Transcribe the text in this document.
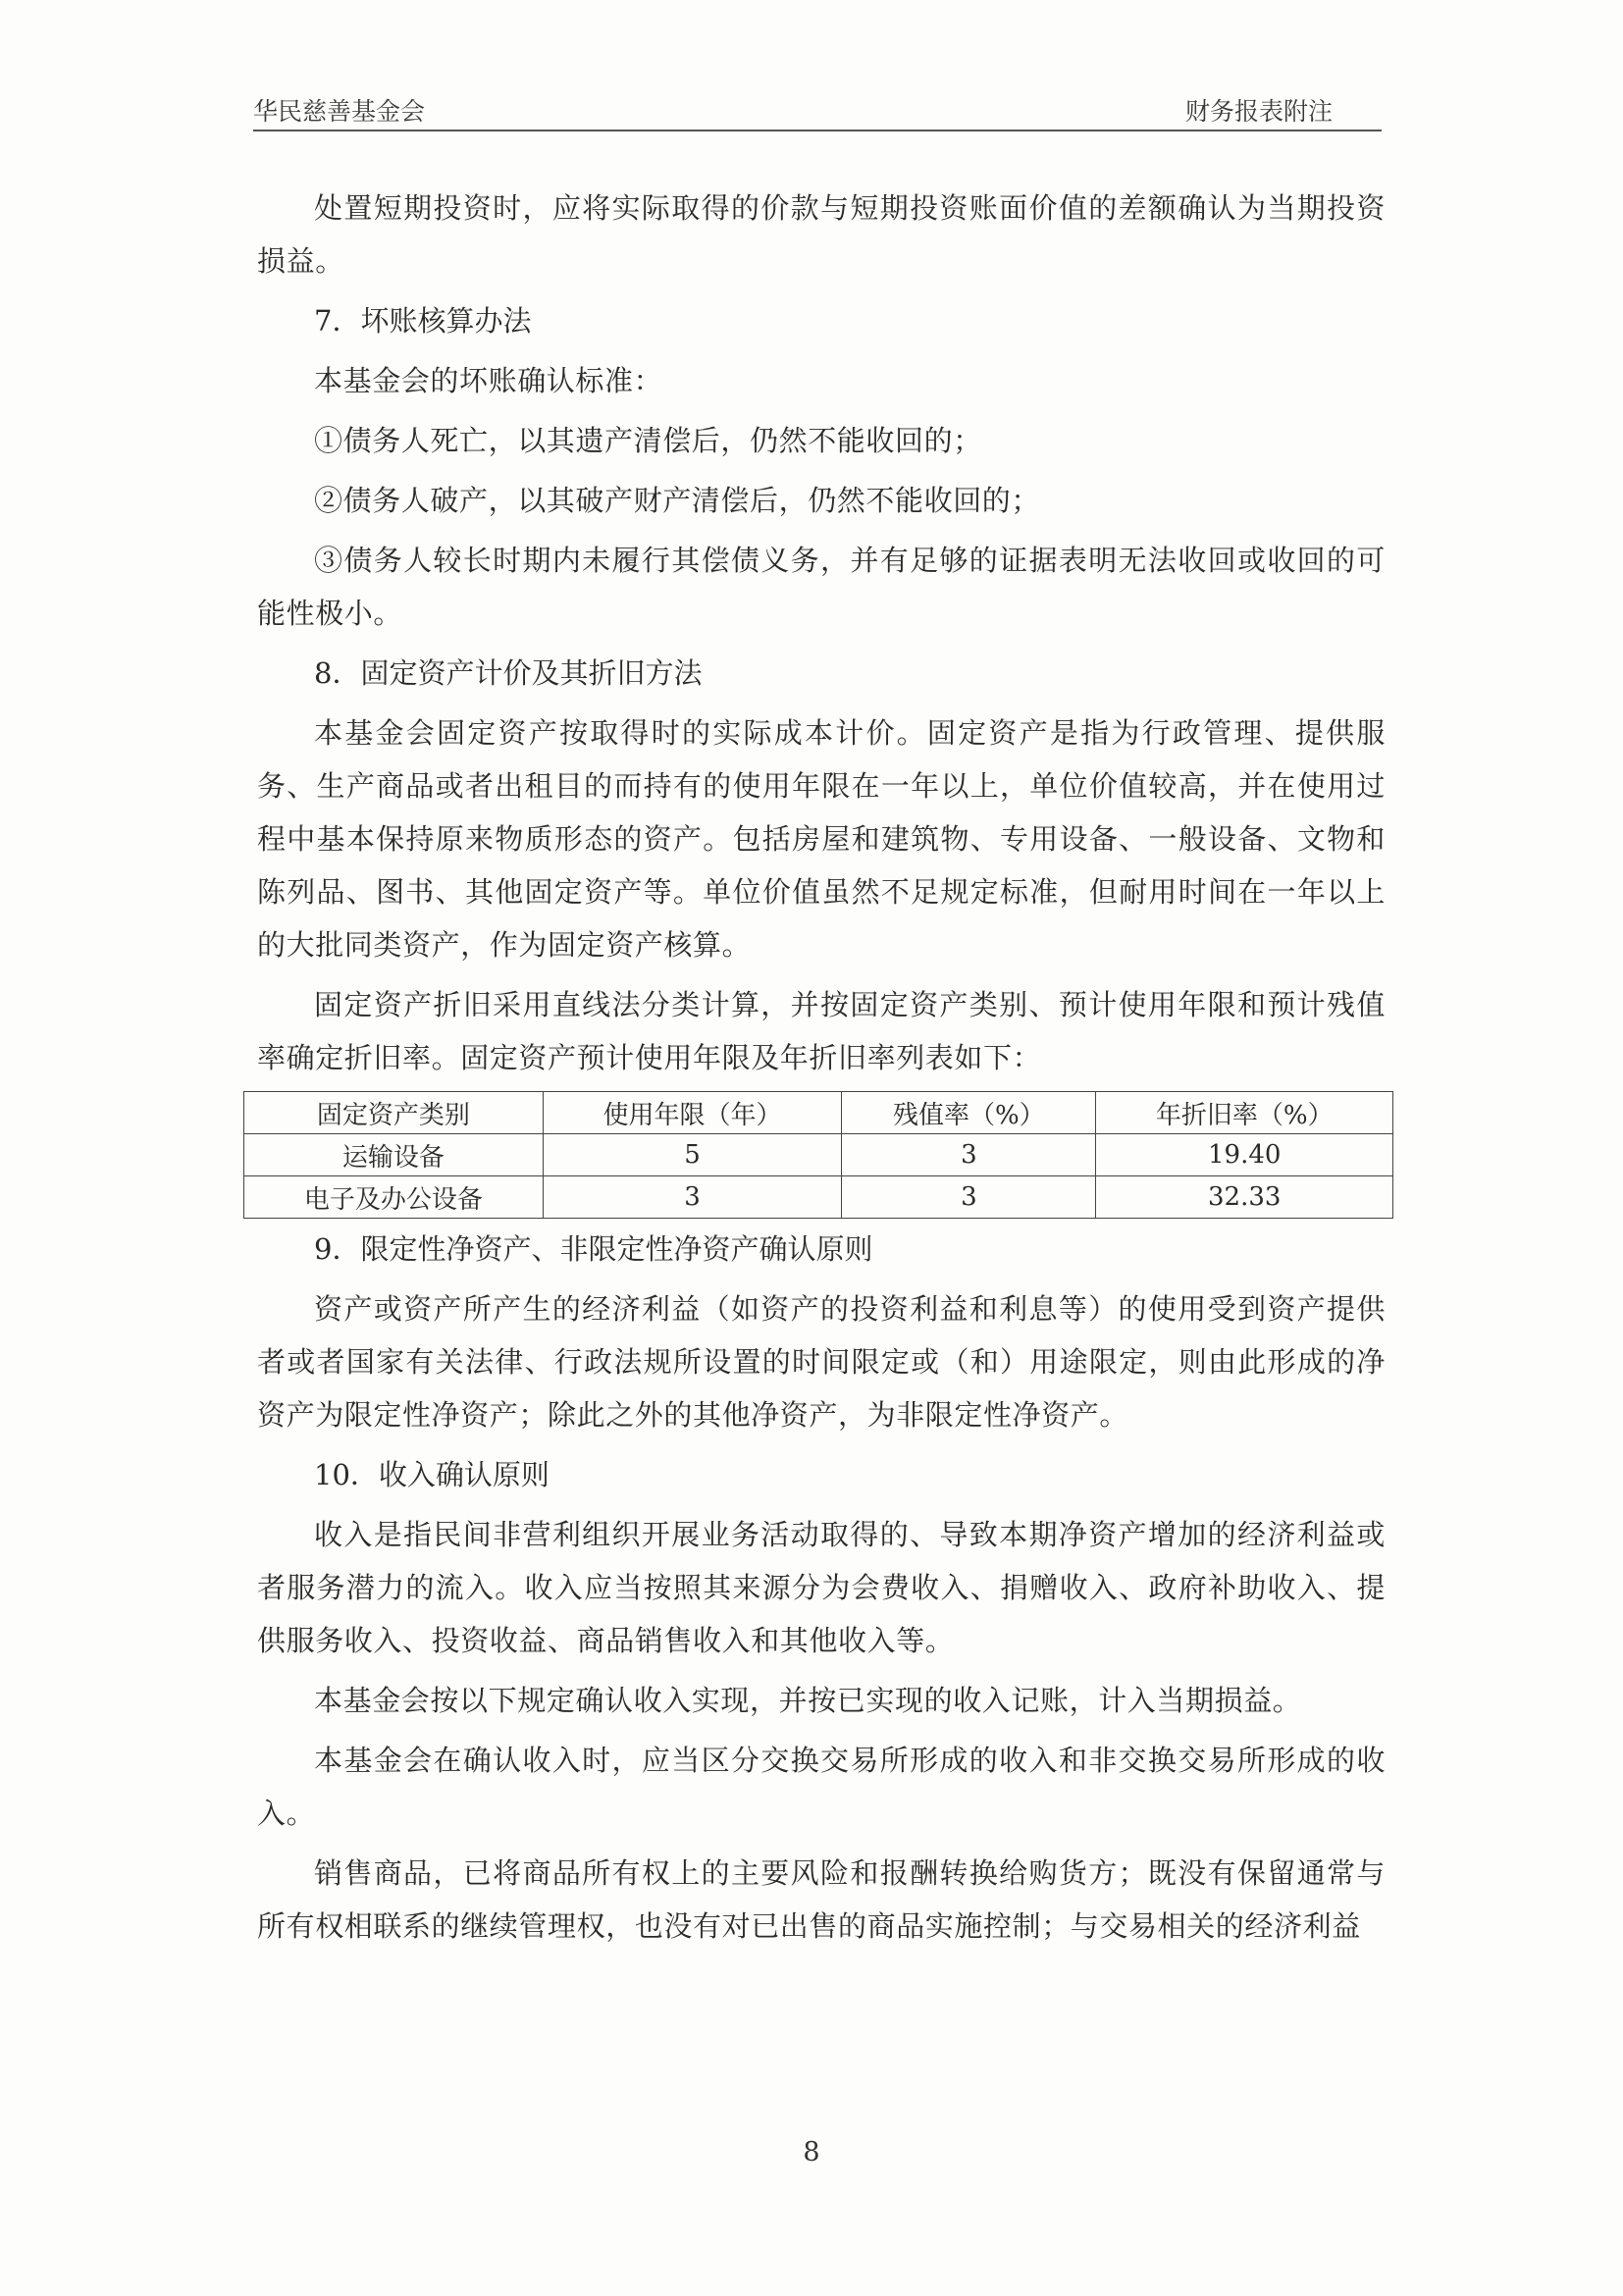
华民慈善基金会	财务报表附注

处置短期投资时，应将实际取得的价款与短期投资账面价值的差额确认为当期投资损益。

7．坏账核算办法

本基金会的坏账确认标准：

①债务人死亡，以其遗产清偿后，仍然不能收回的；

②债务人破产，以其破产财产清偿后，仍然不能收回的；

③债务人较长时期内未履行其偿债义务，并有足够的证据表明无法收回或收回的可能性极小。

8．固定资产计价及其折旧方法

本基金会固定资产按取得时的实际成本计价。固定资产是指为行政管理、提供服务、生产商品或者出租目的而持有的使用年限在一年以上，单位价值较高，并在使用过程中基本保持原来物质形态的资产。包括房屋和建筑物、专用设备、一般设备、文物和陈列品、图书、其他固定资产等。单位价值虽然不足规定标准，但耐用时间在一年以上的大批同类资产，作为固定资产核算。

固定资产折旧采用直线法分类计算，并按固定资产类别、预计使用年限和预计残值率确定折旧率。固定资产预计使用年限及年折旧率列表如下：

固定资产类别	使用年限（年）	残值率（%）	年折旧率（%）
运输设备	5	3	19.40
电子及办公设备	3	3	32.33

9．限定性净资产、非限定性净资产确认原则

资产或资产所产生的经济利益（如资产的投资利益和利息等）的使用受到资产提供者或者国家有关法律、行政法规所设置的时间限定或（和）用途限定，则由此形成的净资产为限定性净资产；除此之外的其他净资产，为非限定性净资产。

10．收入确认原则

收入是指民间非营利组织开展业务活动取得的、导致本期净资产增加的经济利益或者服务潜力的流入。收入应当按照其来源分为会费收入、捐赠收入、政府补助收入、提供服务收入、投资收益、商品销售收入和其他收入等。

本基金会按以下规定确认收入实现，并按已实现的收入记账，计入当期损益。

本基金会在确认收入时，应当区分交换交易所形成的收入和非交换交易所形成的收入。

销售商品，已将商品所有权上的主要风险和报酬转换给购货方；既没有保留通常与所有权相联系的继续管理权，也没有对已出售的商品实施控制；与交易相关的经济利益

8
